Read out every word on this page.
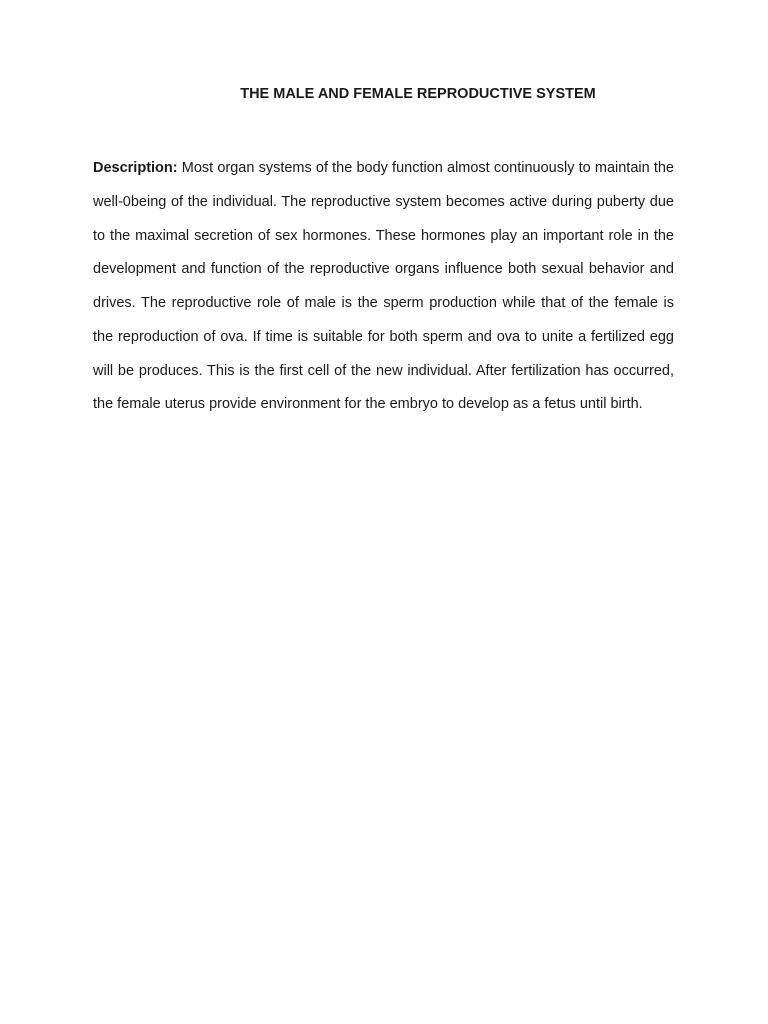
THE MALE AND FEMALE REPRODUCTIVE SYSTEM

Description: Most organ systems of the body function almost continuously to maintain the well-0being of the individual. The reproductive system becomes active during puberty due to the maximal secretion of sex hormones. These hormones play an important role in the development and function of the reproductive organs influence both sexual behavior and drives. The reproductive role of male is the sperm production while that of the female is the reproduction of ova. If time is suitable for both sperm and ova to unite a fertilized egg will be produces. This is the first cell of the new individual. After fertilization has occurred, the female uterus provide environment for the embryo to develop as a fetus until birth.
